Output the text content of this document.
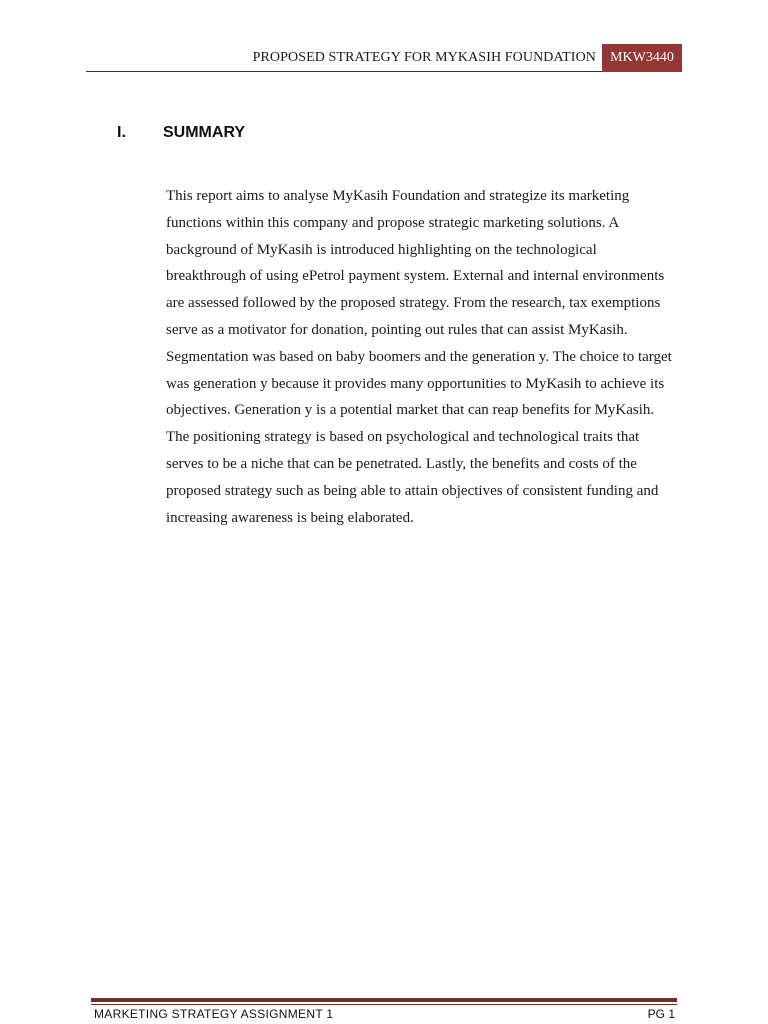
PROPOSED STRATEGY FOR MYKASIH FOUNDATION	MKW3440
I. SUMMARY

This report aims to analyse MyKasih Foundation and strategize its marketing functions within this company and propose strategic marketing solutions. A background of MyKasih is introduced highlighting on the technological breakthrough of using ePetrol payment system. External and internal environments are assessed followed by the proposed strategy. From the research, tax exemptions serve as a motivator for donation, pointing out rules that can assist MyKasih. Segmentation was based on baby boomers and the generation y. The choice to target was generation y because it provides many opportunities to MyKasih to achieve its objectives. Generation y is a potential market that can reap benefits for MyKasih. The positioning strategy is based on psychological and technological traits that serves to be a niche that can be penetrated. Lastly, the benefits and costs of the proposed strategy such as being able to attain objectives of consistent funding and increasing awareness is being elaborated.

MARKETING STRATEGY ASSIGNMENT 1	PG 1
